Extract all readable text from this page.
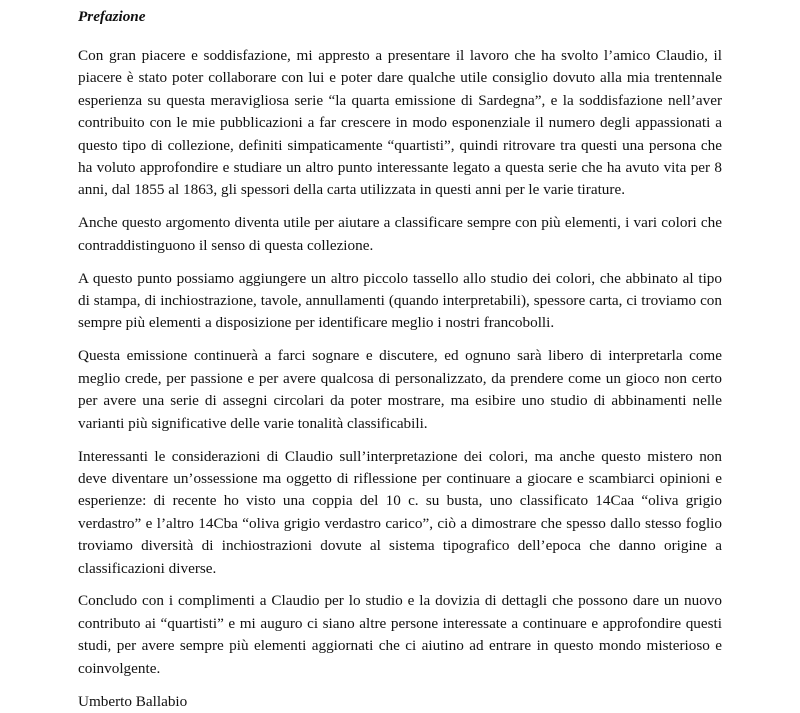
Prefazione

Con gran piacere e soddisfazione, mi appresto a presentare il lavoro che ha svolto l’amico Claudio, il piacere è stato poter collaborare con lui e poter dare qualche utile consiglio dovuto alla mia trentennale esperienza su questa meravigliosa serie “la quarta emissione di Sardegna”, e la soddisfazione nell’aver contribuito con le mie pubblicazioni a far crescere in modo esponenziale il numero degli appassionati a questo tipo di collezione, definiti simpaticamente “quartisti”, quindi ritrovare tra questi una persona che ha voluto approfondire e studiare un altro punto interessante legato a questa serie che ha avuto vita per 8 anni, dal 1855 al 1863, gli spessori della carta utilizzata in questi anni per le varie tirature.

Anche questo argomento diventa utile per aiutare a classificare sempre con più elementi, i vari colori che contraddistinguono il senso di questa collezione.

A questo punto possiamo aggiungere un altro piccolo tassello allo studio dei colori, che abbinato al tipo di stampa, di inchiostrazione, tavole, annullamenti (quando interpretabili), spessore carta, ci troviamo con sempre più elementi a disposizione per identificare meglio i nostri francobolli.

Questa emissione continuerà a farci sognare e discutere, ed ognuno sarà libero di interpretarla come meglio crede, per passione e per avere qualcosa di personalizzato, da prendere come un gioco non certo per avere una serie di assegni circolari da poter mostrare, ma esibire uno studio di abbinamenti nelle varianti più significative delle varie tonalità classificabili.

Interessanti le considerazioni di Claudio sull’interpretazione dei colori, ma anche questo mistero non deve diventare un’ossessione ma oggetto di riflessione per continuare a giocare e scambiarci opinioni e esperienze: di recente ho visto una coppia del 10 c. su busta, uno classificato 14Caa “oliva grigio verdastro” e l’altro 14Cba “oliva grigio verdastro carico”, ciò a dimostrare che spesso dallo stesso foglio troviamo diversità di inchiostrazioni dovute al sistema tipografico dell’epoca che danno origine a classificazioni diverse.

Concludo con i complimenti a Claudio per lo studio e la dovizia di dettagli che possono dare un nuovo contributo ai “quartisti” e mi auguro ci siano altre persone interessate a continuare e approfondire questi studi, per avere sempre più elementi aggiornati che ci aiutino ad entrare in questo mondo misterioso e coinvolgente.

Umberto Ballabio
